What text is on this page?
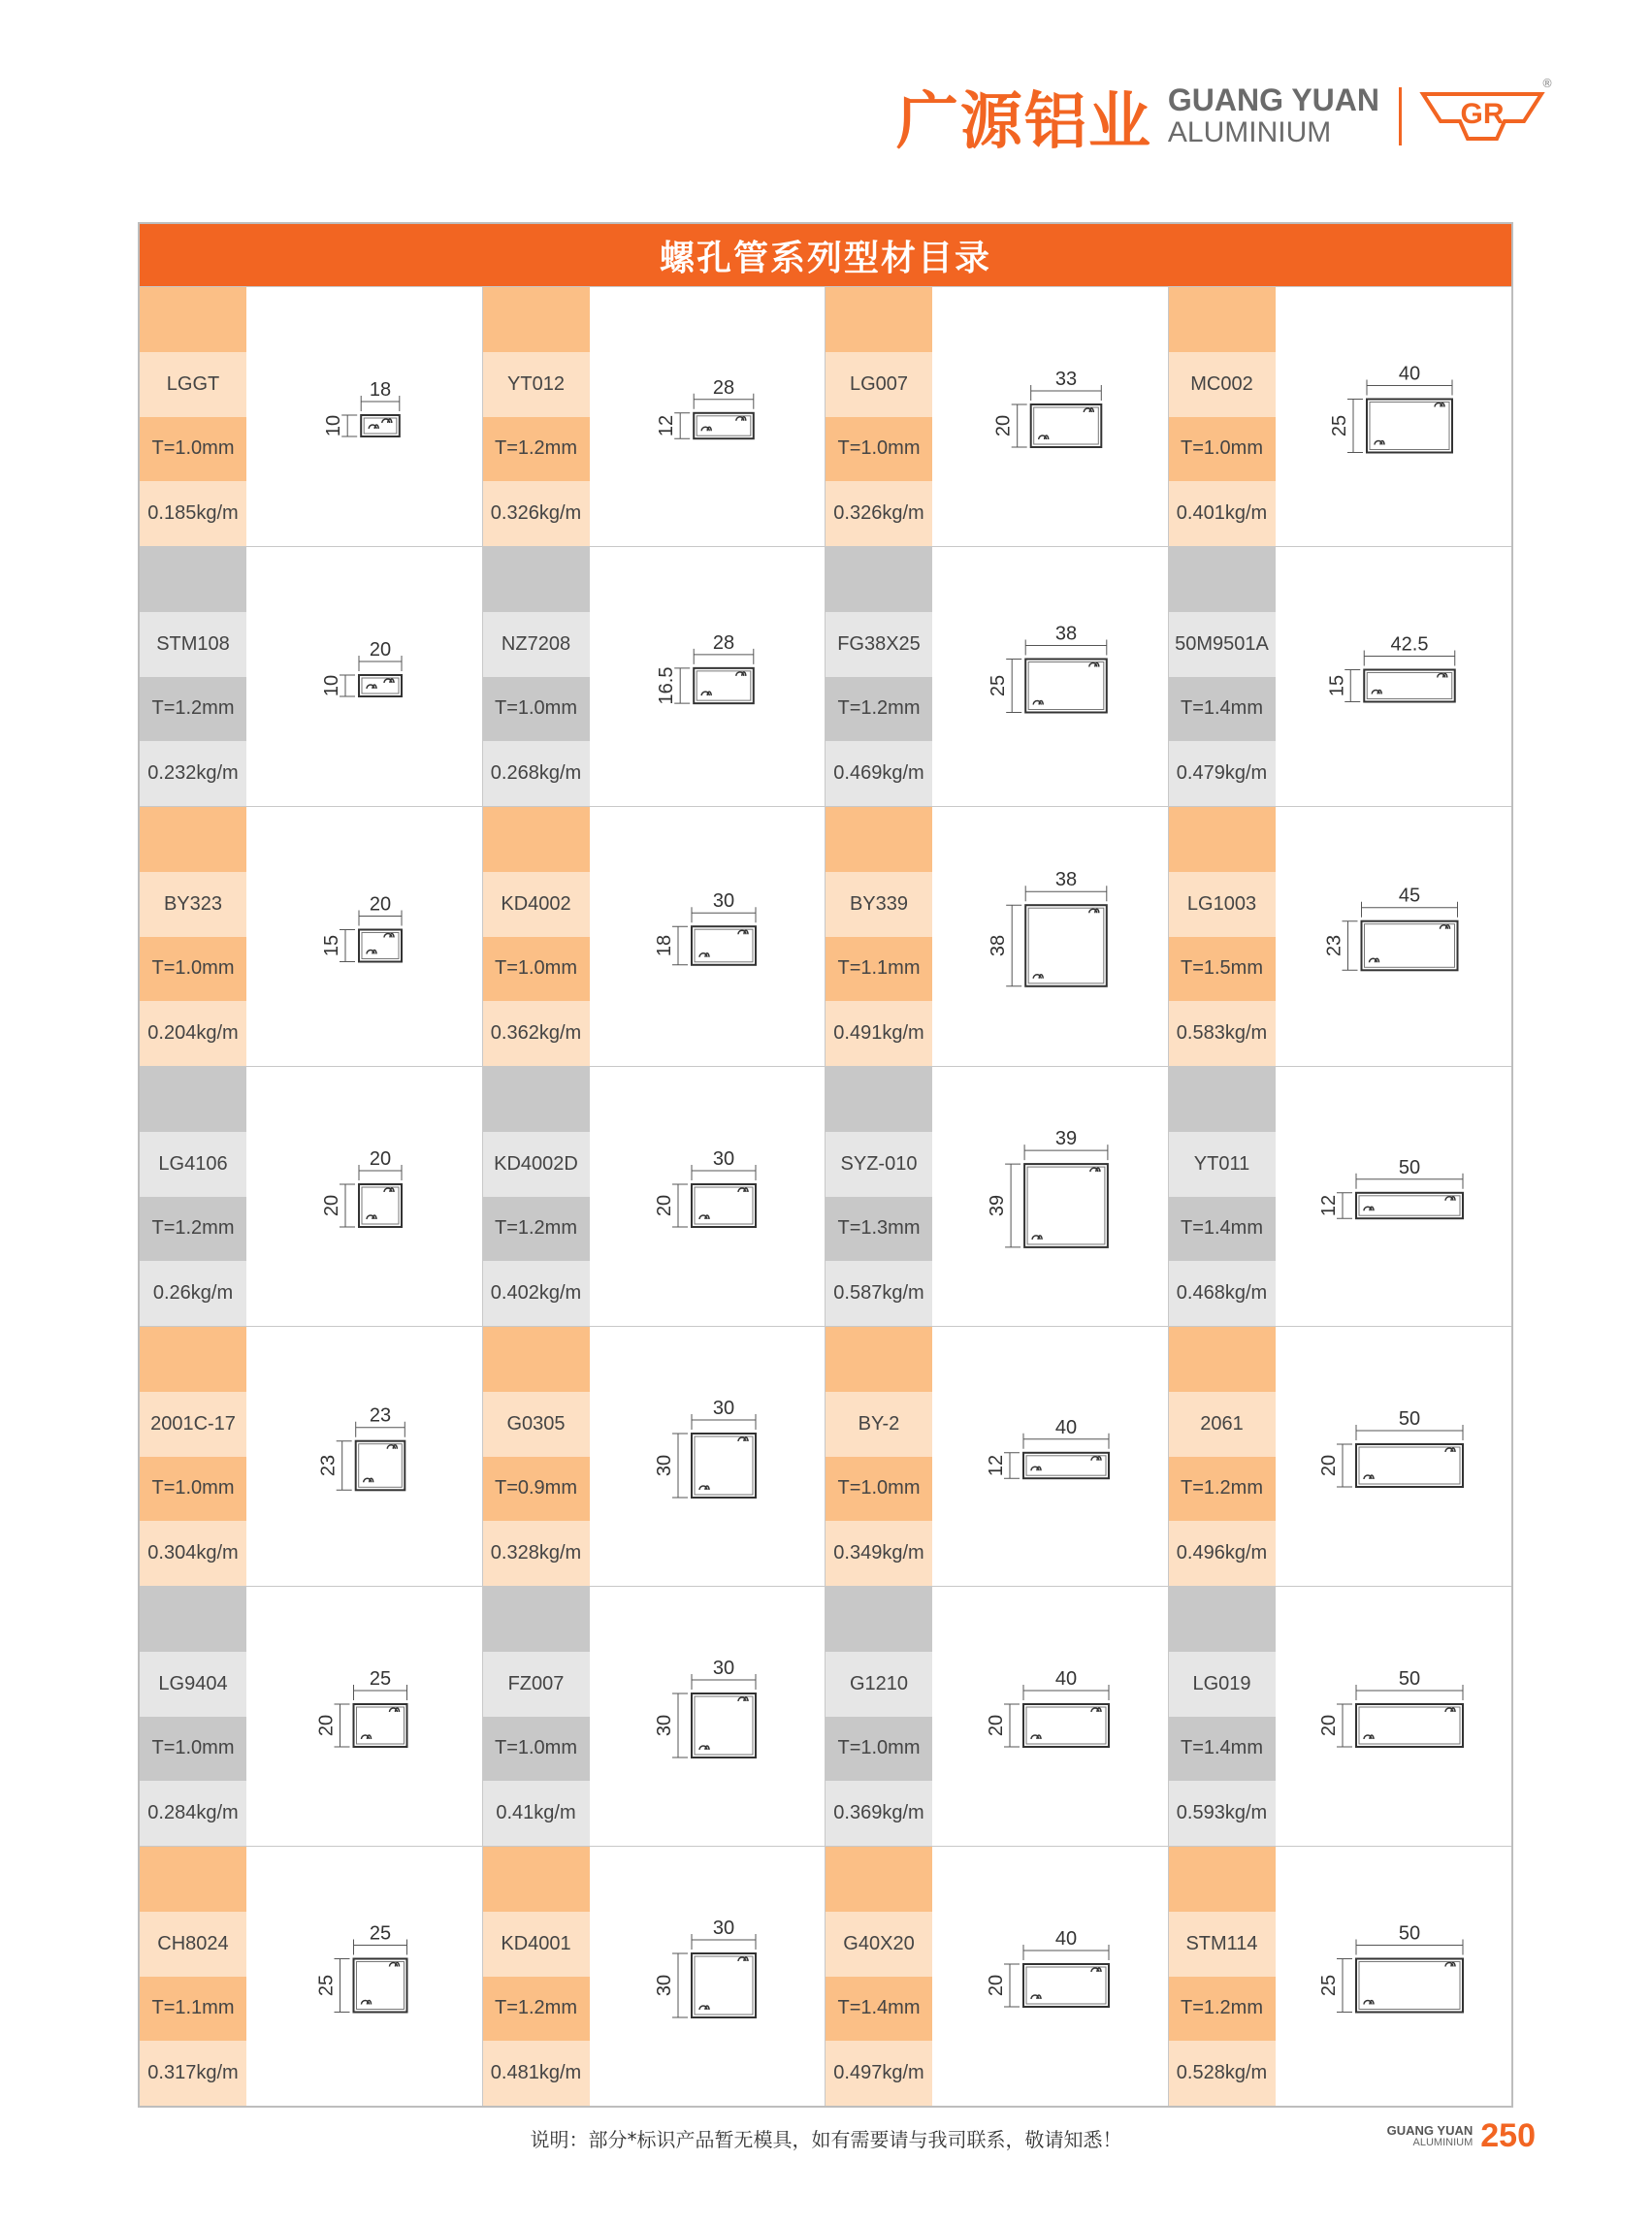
广源铝业 GUANG YUAN
ALUMINIUM
GR
®
螺孔管系列型材目录
LGGT
T=1.0mm
0.185kg/m
18
10
YT012
T=1.2mm
0.326kg/m
28
12
LG007
T=1.0mm
0.326kg/m
33
20
MC002
T=1.0mm
0.401kg/m
40
25
STM108
T=1.2mm
0.232kg/m
20
10
NZ7208
T=1.0mm
0.268kg/m
28
16.5
FG38X25
T=1.2mm
0.469kg/m
38
25
50M9501A
T=1.4mm
0.479kg/m
42.5
15
BY323
T=1.0mm
0.204kg/m
20
15
KD4002
T=1.0mm
0.362kg/m
30
18
BY339
T=1.1mm
0.491kg/m
38
38
LG1003
T=1.5mm
0.583kg/m
45
23
LG4106
T=1.2mm
0.26kg/m
20
20
KD4002D
T=1.2mm
0.402kg/m
30
20
SYZ-010
T=1.3mm
0.587kg/m
39
39
YT011
T=1.4mm
0.468kg/m
50
12
2001C-17
T=1.0mm
0.304kg/m
23
23
G0305
T=0.9mm
0.328kg/m
30
30
BY-2
T=1.0mm
0.349kg/m
40
12
2061
T=1.2mm
0.496kg/m
50
20
LG9404
T=1.0mm
0.284kg/m
25
20
FZ007
T=1.0mm
0.41kg/m
30
30
G1210
T=1.0mm
0.369kg/m
40
20
LG019
T=1.4mm
0.593kg/m
50
20
CH8024
T=1.1mm
0.317kg/m
25
25
KD4001
T=1.2mm
0.481kg/m
30
30
G40X20
T=1.4mm
0.497kg/m
40
20
STM114
T=1.2mm
0.528kg/m
50
25
说明：部分*标识产品暂无模具，如有需要请与我司联系，敬请知悉！	GUANG YUAN
ALUMINIUM 250
